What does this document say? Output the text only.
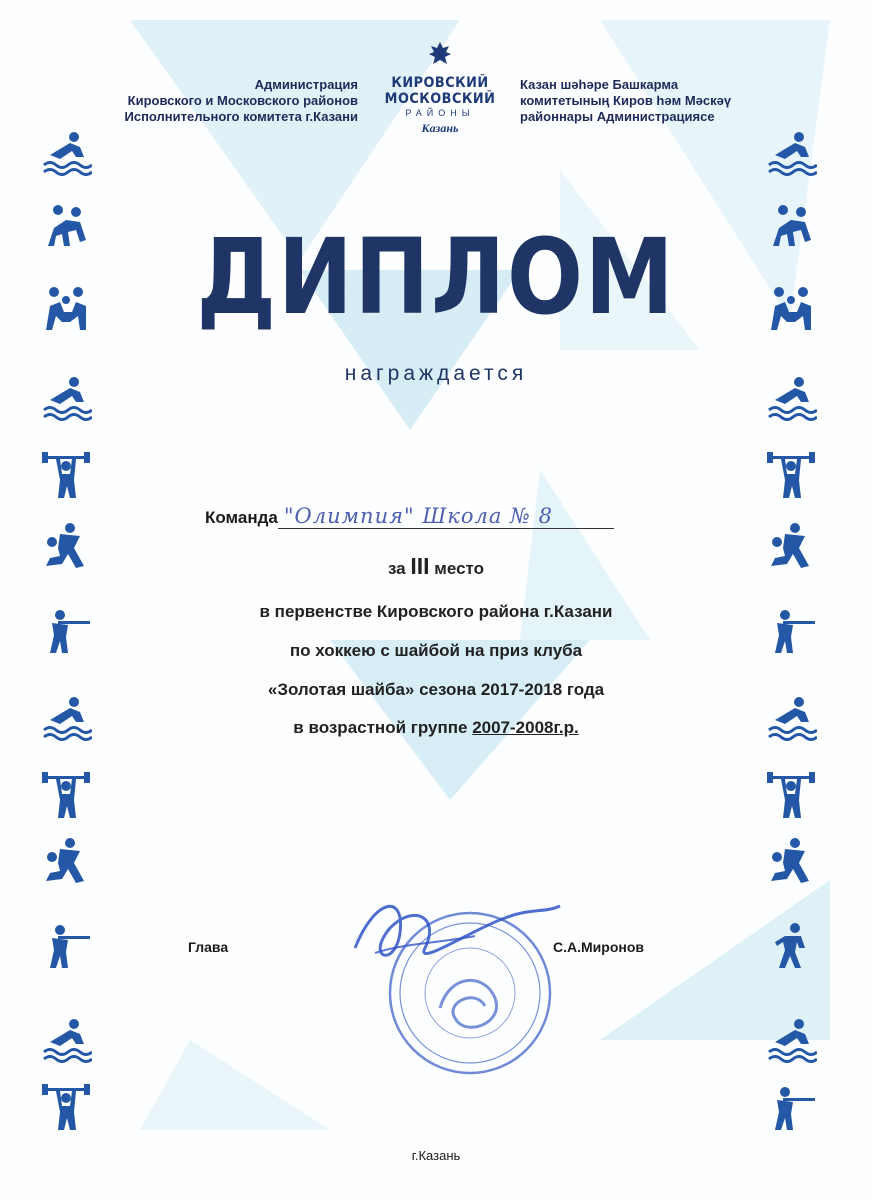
Администрация
Кировского и Московского районов
Исполнительного комитета г.Казани
КИРОВСКИЙ
МОСКОВСКИЙ
РАЙОНЫ
Казань
Казан шәһәре Башкарма
комитетының Киров һәм Мәскәү
районнары Администрациясе
ДИПЛОМ
награждается
Команда "Олимпия" Школа № 8
за III место
в первенстве Кировского района г.Казани
по хоккею с шайбой на приз клуба
«Золотая шайба» сезона 2017-2018 года
в возрастной группе 2007-2008г.р.
Глава	С.А.Миронов
г.Казань
